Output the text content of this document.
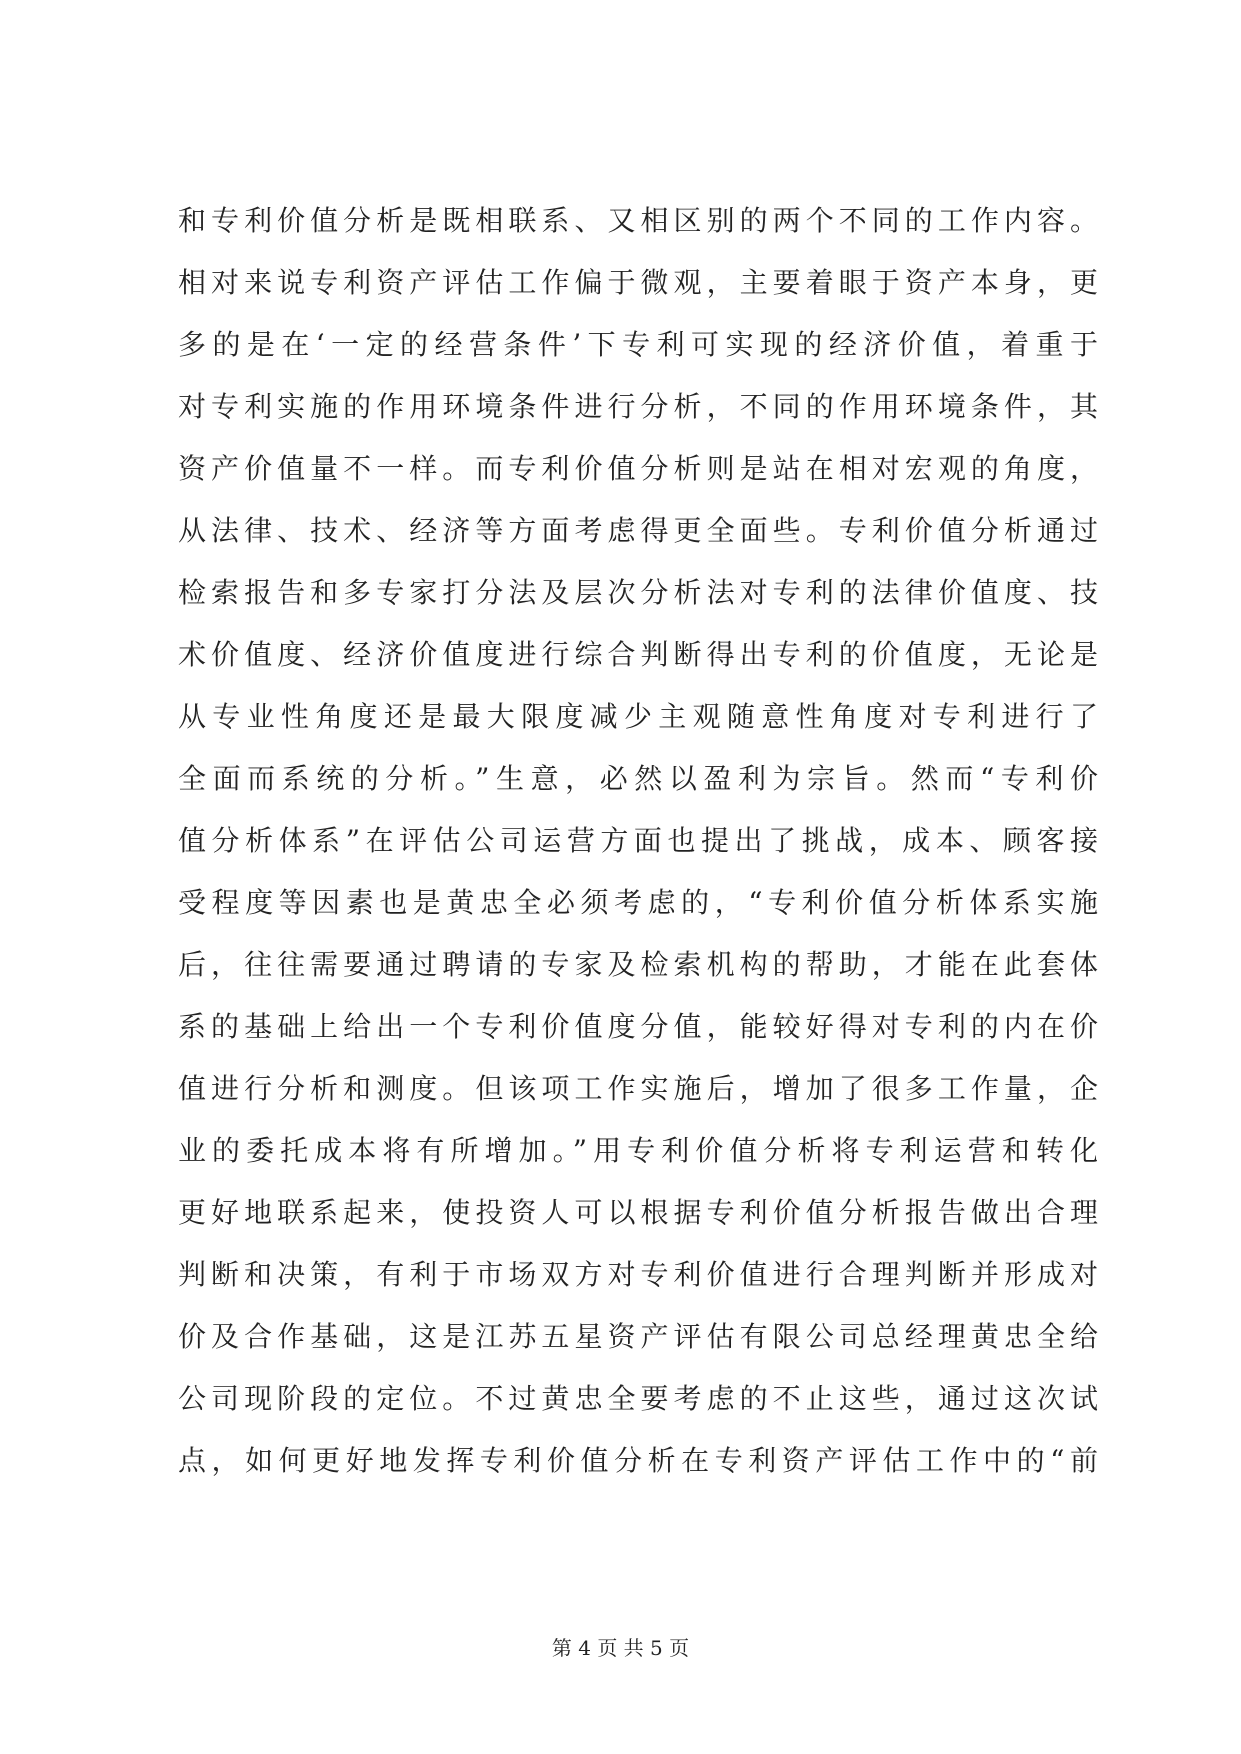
和专利价值分析是既相联系、又相区别的两个不同的工作内容。
相对来说专利资产评估工作偏于微观，主要着眼于资产本身，更
多的是在‘一定的经营条件’下专利可实现的经济价值，着重于
对专利实施的作用环境条件进行分析，不同的作用环境条件，其
资产价值量不一样。而专利价值分析则是站在相对宏观的角度，
从法律、技术、经济等方面考虑得更全面些。专利价值分析通过
检索报告和多专家打分法及层次分析法对专利的法律价值度、技
术价值度、经济价值度进行综合判断得出专利的价值度，无论是
从专业性角度还是最大限度减少主观随意性角度对专利进行了
全面而系统的分析。”生意，必然以盈利为宗旨。然而“专利价
值分析体系”在评估公司运营方面也提出了挑战，成本、顾客接
受程度等因素也是黄忠全必须考虑的，“专利价值分析体系实施
后，往往需要通过聘请的专家及检索机构的帮助，才能在此套体
系的基础上给出一个专利价值度分值，能较好得对专利的内在价
值进行分析和测度。但该项工作实施后，增加了很多工作量，企
业的委托成本将有所增加。”用专利价值分析将专利运营和转化
更好地联系起来，使投资人可以根据专利价值分析报告做出合理
判断和决策，有利于市场双方对专利价值进行合理判断并形成对
价及合作基础，这是江苏五星资产评估有限公司总经理黄忠全给
公司现阶段的定位。不过黄忠全要考虑的不止这些，通过这次试
点，如何更好地发挥专利价值分析在专利资产评估工作中的“前
第 4 页 共 5 页
